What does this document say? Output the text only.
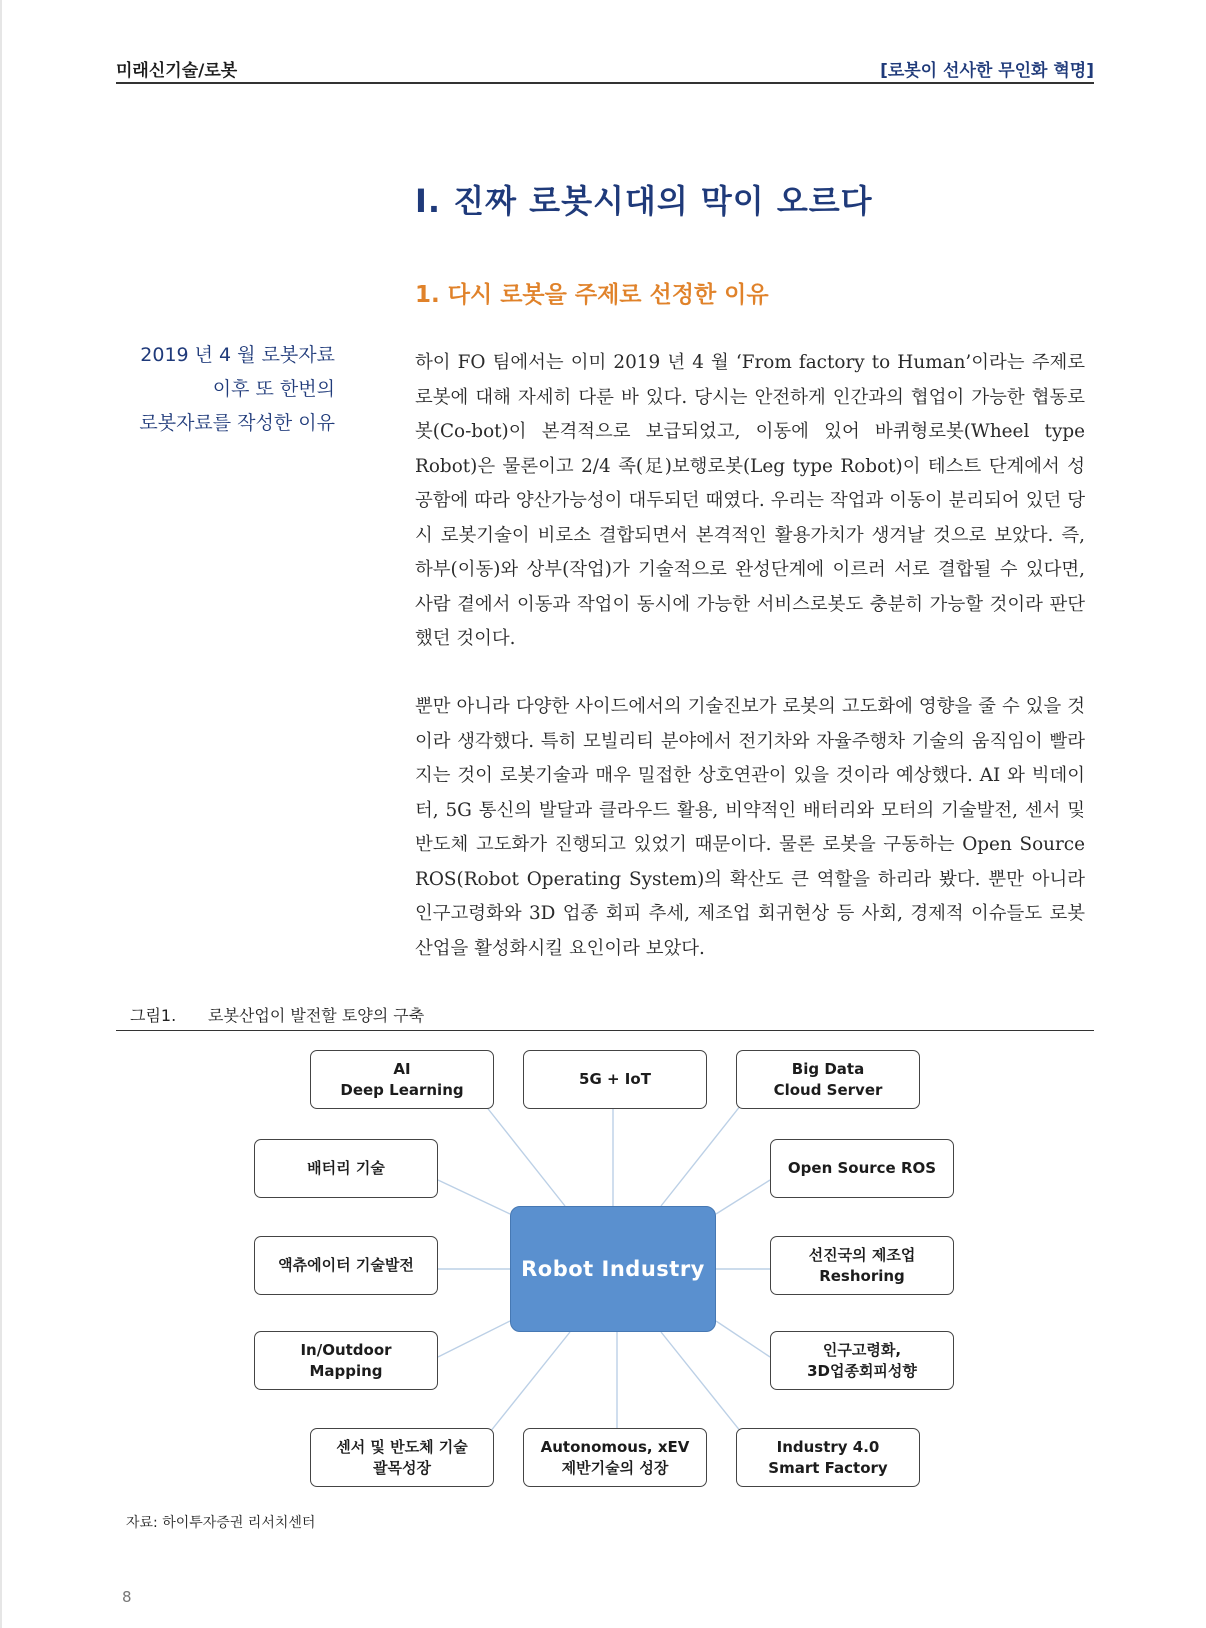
미래신기술/로봇	[로봇이 선사한 무인화 혁명]
Ⅰ. 진짜 로봇시대의 막이 오르다
1. 다시 로봇을 주제로 선정한 이유
2019 년 4 월 로봇자료
이후 또 한번의
로봇자료를 작성한 이유

하이 FO 팀에서는 이미 2019 년 4 월 ‘From factory to Human’이라는 주제로 로봇에 대해 자세히 다룬 바 있다. 당시는 안전하게 인간과의 협업이 가능한 협동로봇(Co-bot)이 본격적으로 보급되었고, 이동에 있어 바퀴형로봇(Wheel type Robot)은 물론이고 2/4 족(足)보행로봇(Leg type Robot)이 테스트 단계에서 성공함에 따라 양산가능성이 대두되던 때였다. 우리는 작업과 이동이 분리되어 있던 당시 로봇기술이 비로소 결합되면서 본격적인 활용가치가 생겨날 것으로 보았다. 즉, 하부(이동)와 상부(작업)가 기술적으로 완성단계에 이르러 서로 결합될 수 있다면, 사람 곁에서 이동과 작업이 동시에 가능한 서비스로봇도 충분히 가능할 것이라 판단했던 것이다.

뿐만 아니라 다양한 사이드에서의 기술진보가 로봇의 고도화에 영향을 줄 수 있을 것이라 생각했다. 특히 모빌리티 분야에서 전기차와 자율주행차 기술의 움직임이 빨라지는 것이 로봇기술과 매우 밀접한 상호연관이 있을 것이라 예상했다. AI 와 빅데이터, 5G 통신의 발달과 클라우드 활용, 비약적인 배터리와 모터의 기술발전, 센서 및 반도체 고도화가 진행되고 있었기 때문이다. 물론 로봇을 구동하는 Open Source ROS(Robot Operating System)의 확산도 큰 역할을 하리라 봤다. 뿐만 아니라 인구고령화와 3D 업종 회피 추세, 제조업 회귀현상 등 사회, 경제적 이슈들도 로봇산업을 활성화시킬 요인이라 보았다.

그림1. 로봇산업이 발전할 토양의 구축
Robot Industry
AI
Deep Learning
5G + IoT
Big Data
Cloud Server
배터리 기술	Open Source ROS
액츄에이터 기술발전
선진국의 제조업
Reshoring
In/Outdoor
Mapping
인구고령화,
3D업종회피성향
센서 및 반도체 기술
괄목성장
Autonomous, xEV
제반기술의 성장
Industry 4.0
Smart Factory
자료: 하이투자증권 리서치센터
8
